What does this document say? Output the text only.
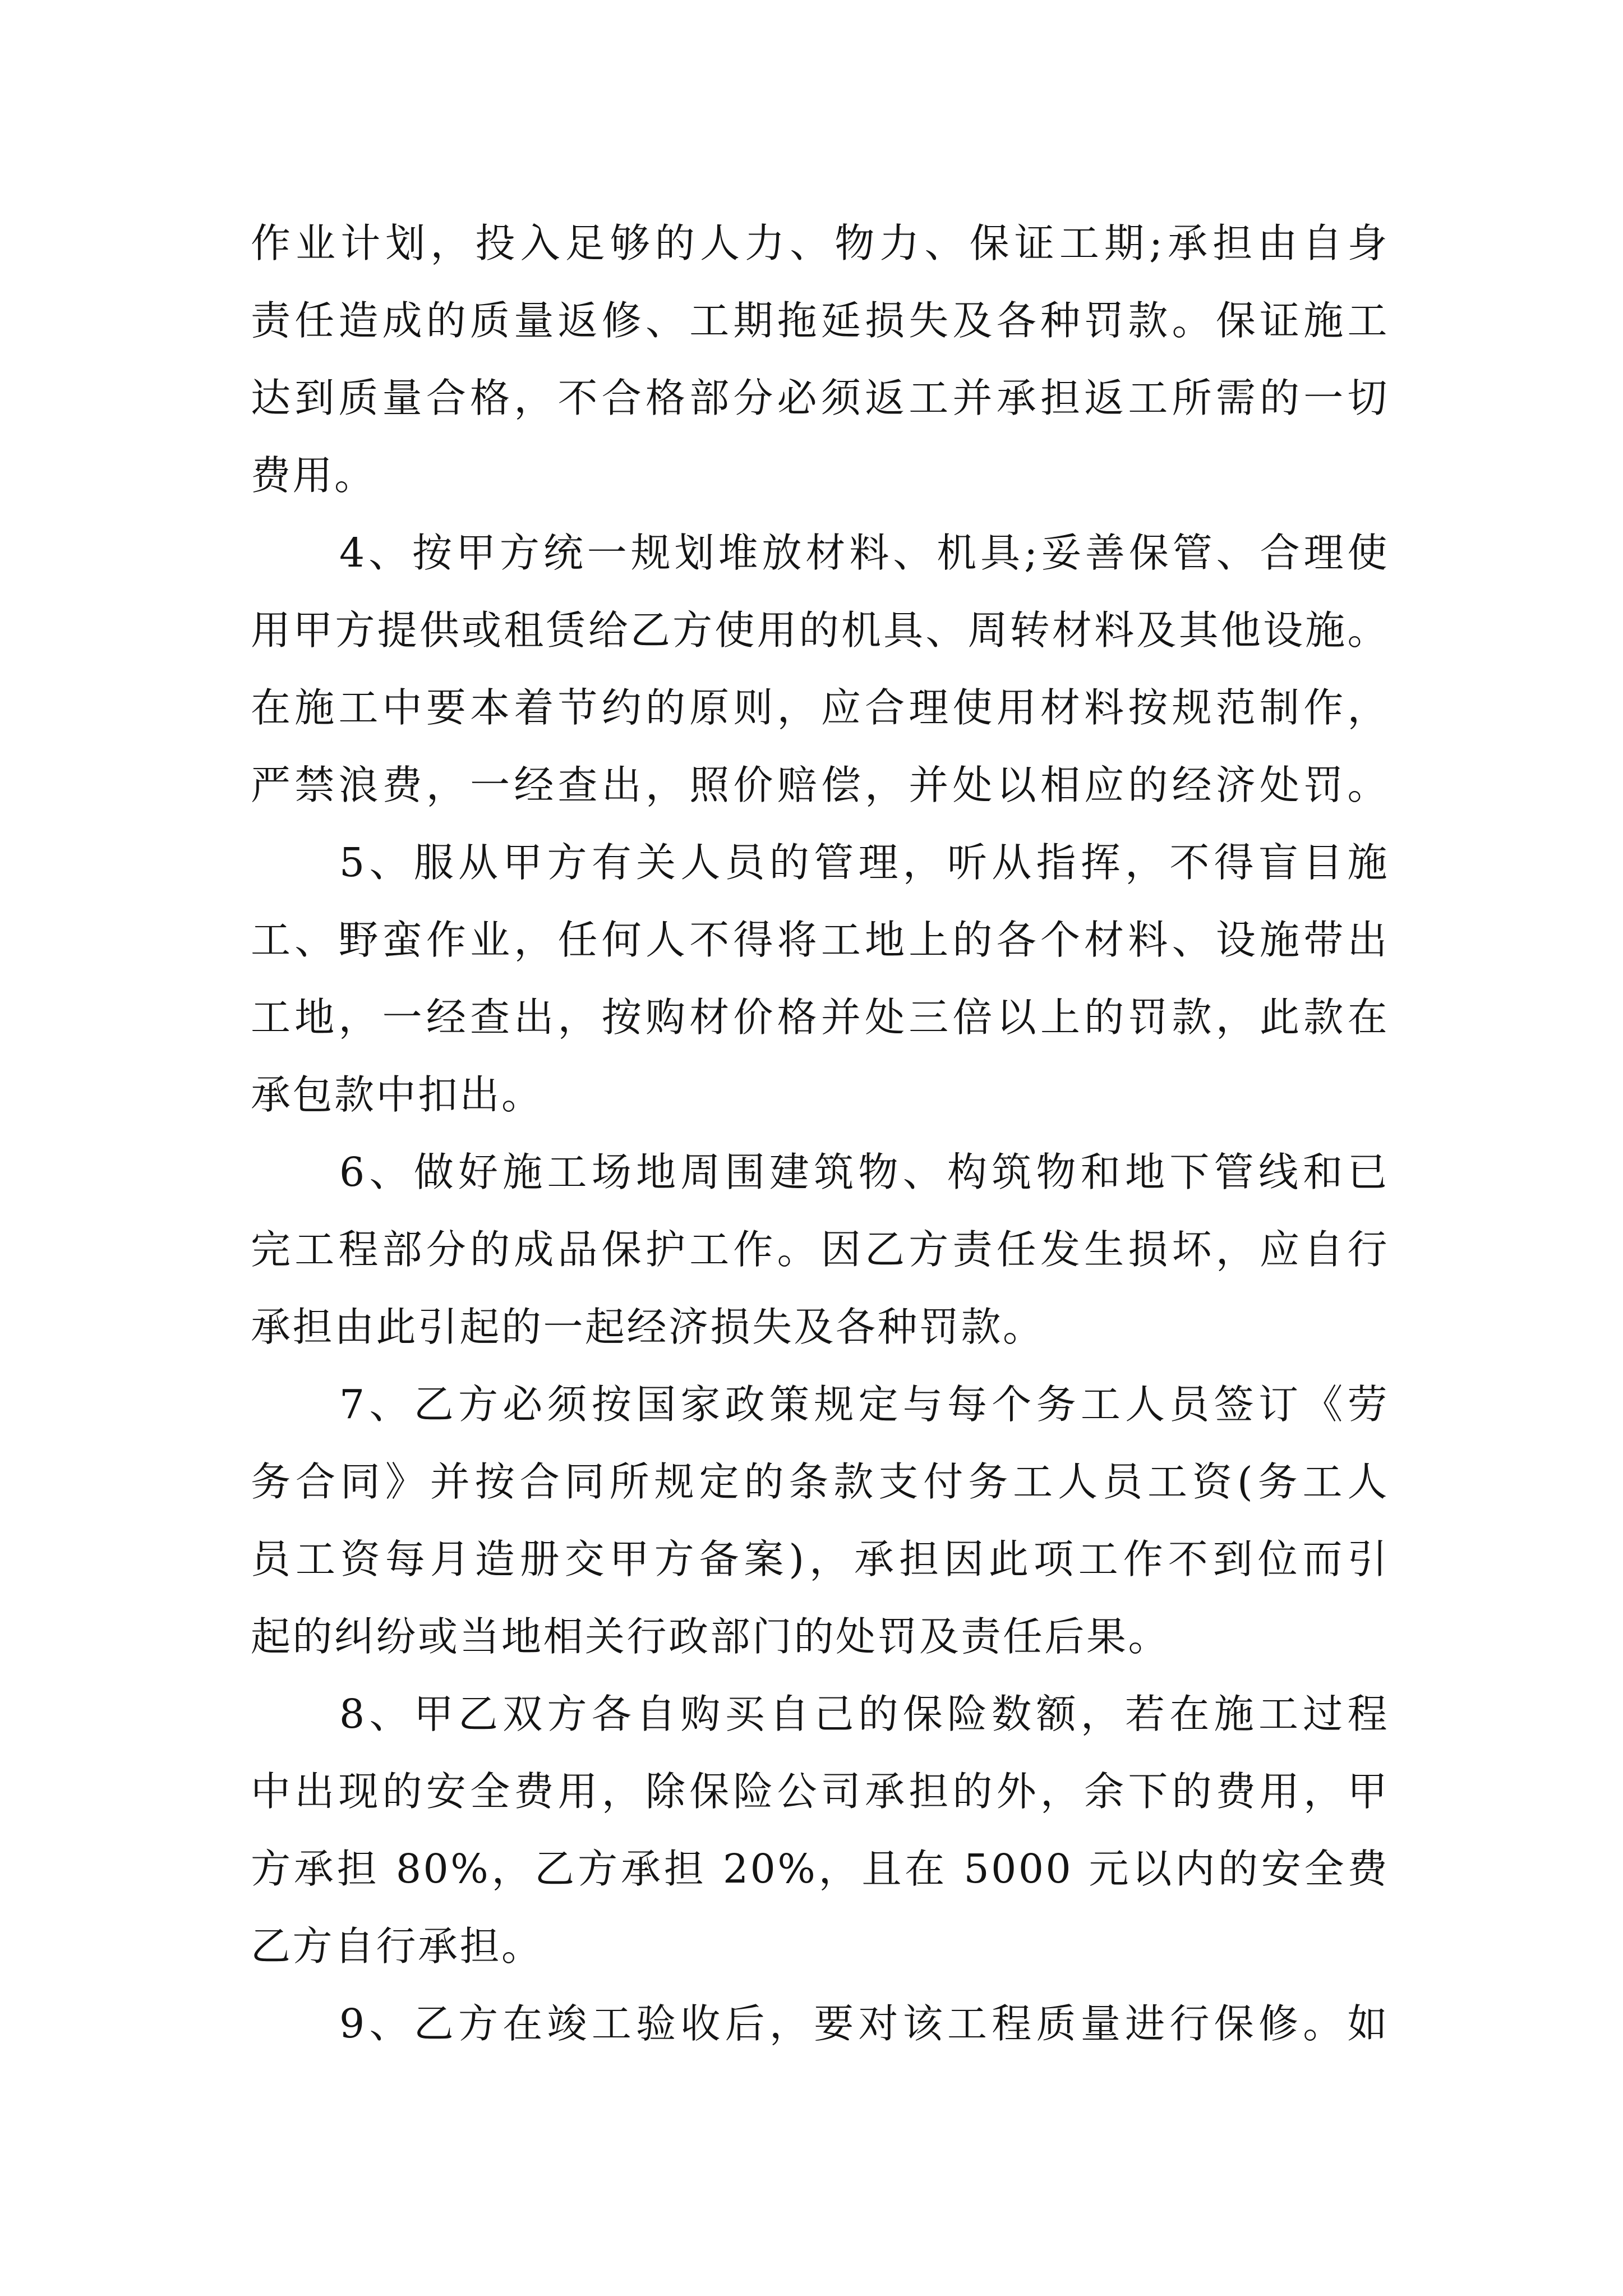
作业计划，投入足够的人力、物力、保证工期;承担由自身
责任造成的质量返修、工期拖延损失及各种罚款。保证施工
达到质量合格，不合格部分必须返工并承担返工所需的一切
费用。
4、按甲方统一规划堆放材料、机具;妥善保管、合理使
用甲方提供或租赁给乙方使用的机具、周转材料及其他设施。
在施工中要本着节约的原则，应合理使用材料按规范制作，
严禁浪费，一经查出，照价赔偿，并处以相应的经济处罚。
5、服从甲方有关人员的管理，听从指挥，不得盲目施
工、野蛮作业，任何人不得将工地上的各个材料、设施带出
工地，一经查出，按购材价格并处三倍以上的罚款，此款在
承包款中扣出。
6、做好施工场地周围建筑物、构筑物和地下管线和已
完工程部分的成品保护工作。因乙方责任发生损坏，应自行
承担由此引起的一起经济损失及各种罚款。
7、乙方必须按国家政策规定与每个务工人员签订《劳
务合同》并按合同所规定的条款支付务工人员工资(务工人
员工资每月造册交甲方备案)，承担因此项工作不到位而引
起的纠纷或当地相关行政部门的处罚及责任后果。
8、甲乙双方各自购买自己的保险数额，若在施工过程
中出现的安全费用，除保险公司承担的外，余下的费用，甲
方承担 80%，乙方承担 20%，且在 5000 元以内的安全费
乙方自行承担。
9、乙方在竣工验收后，要对该工程质量进行保修。如
